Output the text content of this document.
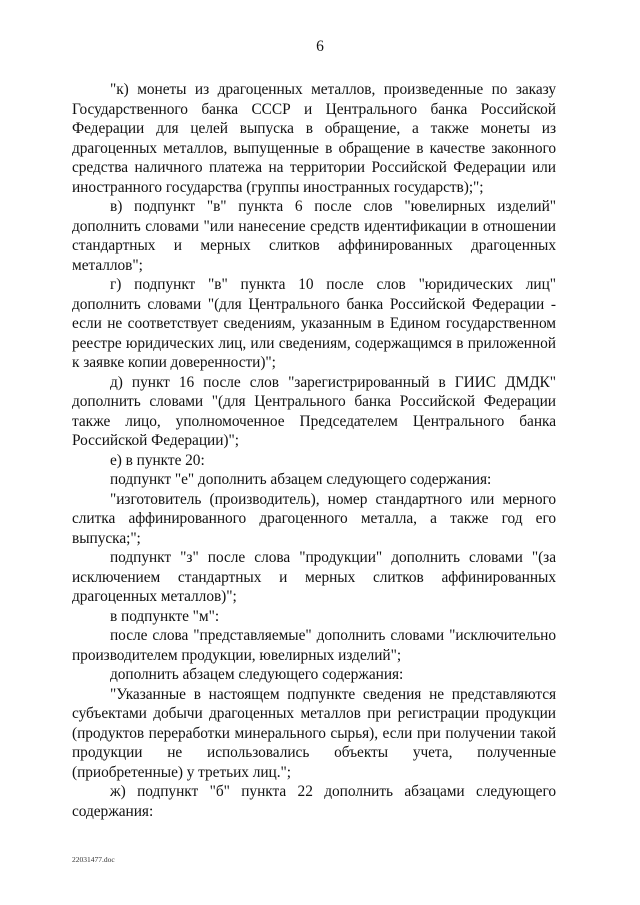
6

"к) монеты из драгоценных металлов, произведенные по заказу Государственного банка СССР и Центрального банка Российской Федерации для целей выпуска в обращение, а также монеты из драгоценных металлов, выпущенные в обращение в качестве законного средства наличного платежа на территории Российской Федерации или иностранного государства (группы иностранных государств);";

в) подпункт "в" пункта 6 после слов "ювелирных изделий" дополнить словами "или нанесение средств идентификации в отношении стандартных и мерных слитков аффинированных драгоценных металлов";

г) подпункт "в" пункта 10 после слов "юридических лиц" дополнить словами "(для Центрального банка Российской Федерации - если не соответствует сведениям, указанным в Едином государственном реестре юридических лиц, или сведениям, содержащимся в приложенной к заявке копии доверенности)";

д) пункт 16 после слов "зарегистрированный в ГИИС ДМДК" дополнить словами "(для Центрального банка Российской Федерации также лицо, уполномоченное Председателем Центрального банка Российской Федерации)";

е) в пункте 20:

подпункт "е" дополнить абзацем следующего содержания:

"изготовитель (производитель), номер стандартного или мерного слитка аффинированного драгоценного металла, а также год его выпуска;";

подпункт "з" после слова "продукции" дополнить словами "(за исключением стандартных и мерных слитков аффинированных драгоценных металлов)";

в подпункте "м":

после слова "представляемые" дополнить словами "исключительно производителем продукции, ювелирных изделий";

дополнить абзацем следующего содержания:

"Указанные в настоящем подпункте сведения не представляются субъектами добычи драгоценных металлов при регистрации продукции (продуктов переработки минерального сырья), если при получении такой продукции не использовались объекты учета, полученные (приобретенные) у третьих лиц.";

ж) подпункт "б" пункта 22 дополнить абзацами следующего содержания:

22031477.doc
